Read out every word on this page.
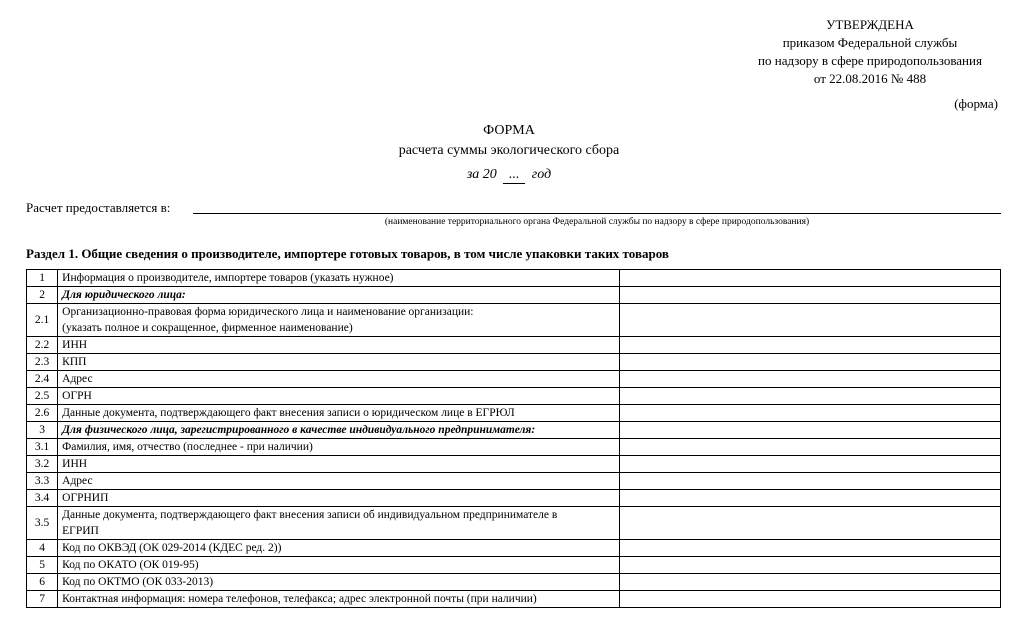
УТВЕРЖДЕНА
приказом Федеральной службы
по надзору в сфере природопользования
от 22.08.2016 № 488
(форма)
ФОРМА
расчета суммы экологического сбора
за 20 ... год
Расчет предоставляется в:
(наименование территориального органа Федеральной службы по надзору в сфере природопользования)
Раздел 1. Общие сведения о производителе, импортере готовых товаров, в том числе упаковки таких товаров
1	Информация о производителе, импортере товаров (указать нужное)	

2	Для юридического лица:	

2.1	Организационно-правовая форма юридического лица и наименование организации:
(указать полное и сокращенное, фирменное наименование)	

2.2	ИНН	

2.3	КПП	

2.4	Адрес	

2.5	ОГРН	

2.6	Данные документа, подтверждающего факт внесения записи о юридическом лице в ЕГРЮЛ	

3	Для физического лица, зарегистрированного в качестве индивидуального предпринимателя:	

3.1	Фамилия, имя, отчество (последнее - при наличии)	

3.2	ИНН	

3.3	Адрес	

3.4	ОГРНИП	

3.5	Данные документа, подтверждающего факт внесения записи об индивидуальном предпринимателе в
ЕГРИП	

4	Код по ОКВЭД (ОК 029-2014 (КДЕС ред. 2))	

5	Код по ОКАТО (ОК 019-95)	

6	Код по ОКТМО (ОК 033-2013)	

7	Контактная информация: номера телефонов, телефакса; адрес электронной почты (при наличии)	
